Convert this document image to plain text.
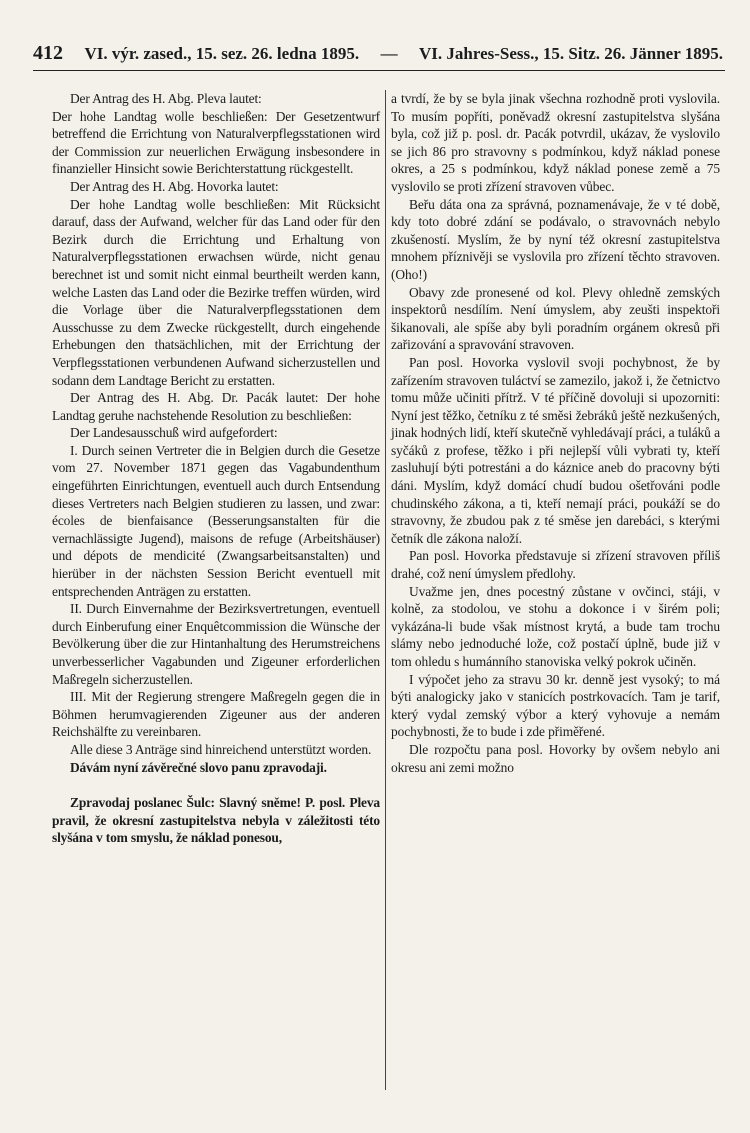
412 VI. výr. zased., 15. sez. 26. ledna 1895. — VI. Jahres-Sess., 15. Sitz. 26. Jänner 1895.

Der Antrag des H. Abg. Pleva lautet:

Der hohe Landtag wolle beschließen: Der Gesetzentwurf betreffend die Errichtung von Naturalverpflegsstationen wird der Commission zur neuerlichen Erwägung insbesondere in finanzieller Hinsicht sowie Berichterstattung rückgestellt.

Der Antrag des H. Abg. Hovorka lautet:

Der hohe Landtag wolle beschließen: Mit Rücksicht darauf, dass der Aufwand, welcher für das Land oder für den Bezirk durch die Errichtung und Erhaltung von Naturalverpflegsstationen erwachsen würde, nicht genau berechnet ist und somit nicht einmal beurtheilt werden kann, welche Lasten das Land oder die Bezirke treffen würden, wird die Vorlage über die Naturalverpflegsstationen dem Ausschusse zu dem Zwecke rückgestellt, durch eingehende Erhebungen den thatsächlichen, mit der Errichtung der Verpflegsstationen verbundenen Aufwand sicherzustellen und sodann dem Landtage Bericht zu erstatten.

Der Antrag des H. Abg. Dr. Pacák lautet: Der hohe Landtag geruhe nachstehende Resolution zu beschließen:

Der Landesausschuß wird aufgefordert:

I. Durch seinen Vertreter die in Belgien durch die Gesetze vom 27. November 1871 gegen das Vagabundenthum eingeführten Einrichtungen, eventuell auch durch Entsendung dieses Vertreters nach Belgien studieren zu lassen, und zwar: écoles de bienfaisance (Besserungsanstalten für die vernachlässigte Jugend), maisons de refuge (Arbeitshäuser) und dépots de mendicité (Zwangsarbeitsanstalten) und hierüber in der nächsten Session Bericht eventuell mit entsprechenden Anträgen zu erstatten.

II. Durch Einvernahme der Bezirksvertretungen, eventuell durch Einberufung einer Enquêtcommission die Wünsche der Bevölkerung über die zur Hintanhaltung des Herumstreichens unverbesserlicher Vagabunden und Zigeuner erforderlichen Maßregeln sicherzustellen.

III. Mit der Regierung strengere Maßregeln gegen die in Böhmen herumvagierenden Zigeuner aus der anderen Reichshälfte zu vereinbaren.

Alle diese 3 Anträge sind hinreichend unterstützt worden.

Dávám nyní závěrečné slovo panu zpravodaji.

Zpravodaj poslanec Šulc: Slavný sněme! P. posl. Pleva pravil, že okresní zastupitelstva nebyla v záležitosti této slyšána v tom smyslu, že náklad ponesou,

a tvrdí, že by se byla jinak všechna rozhodně proti vyslovila. To musím popříti, poněvadž okresní zastupitelstva slyšána byla, což již p. posl. dr. Pacák potvrdil, ukázav, že vyslovilo se jich 86 pro stravovny s podmínkou, když náklad ponese okres, a 25 s podmínkou, když náklad ponese země a 75 vyslovilo se proti zřízení stravoven vůbec.

Beřu dáta ona za správná, poznamenávaje, že v té době, kdy toto dobré zdání se podávalo, o stravovnách nebylo zkušeností. Myslím, že by nyní též okresní zastupitelstva mnohem příznivěji se vyslovila pro zřízení těchto stravoven. (Oho!)

Obavy zde pronesené od kol. Plevy ohledně zemských inspektorů nesdílím. Není úmyslem, aby zeušti inspektoři šikanovali, ale spíše aby byli poradním orgánem okresů při zařizování a spravování stravoven.

Pan posl. Hovorka vyslovil svoji pochybnost, že by zařízením stravoven tuláctví se zamezilo, jakož i, že četnictvo tomu může učiniti přítrž. V té příčině dovoluji si upozorniti: Nyní jest těžko, četníku z té směsi žebráků ještě nezkušených, jinak hodných lidí, kteří skutečně vyhledávají práci, a tuláků a syčáků z profese, těžko i při nejlepší vůli vybrati ty, kteří zasluhují býti potrestáni a do káznice aneb do pracovny býti dáni. Myslím, když domácí chudí budou ošetřováni podle chudinského zákona, a ti, kteří nemají práci, poukáží se do stravovny, že zbudou pak z té směse jen darebáci, s kterými četník dle zákona naloží.

Pan posl. Hovorka představuje si zřízení stravoven příliš drahé, což není úmyslem předlohy.

Uvažme jen, dnes pocestný zůstane v ovčinci, stáji, v kolně, za stodolou, ve stohu a dokonce i v širém poli; vykázána-li bude však místnost krytá, a bude tam trochu slámy nebo jednoduché lože, což postačí úplně, bude již v tom ohledu s humánního stanoviska velký pokrok učiněn.

I výpočet jeho za stravu 30 kr. denně jest vysoký; to má býti analogicky jako v stanicích postrkovacích. Tam je tarif, který vydal zemský výbor a který vyhovuje a nemám pochybnosti, že to bude i zde přiměřené.

Dle rozpočtu pana posl. Hovorky by ovšem nebylo ani okresu ani zemi možno
